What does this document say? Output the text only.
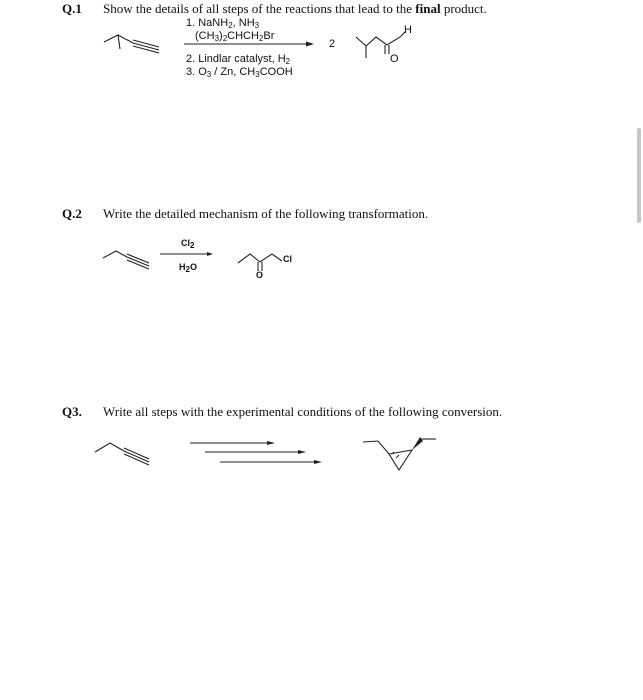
Q.1 Show the details of all steps of the reactions that lead to the final product.
1. NaNH$_2$, $NH_3$
$(CH_3)_2CHCH_2Br$
2. Lindlar catalyst, $H_2$
3. $O_3$ / Zn, $CH_3COOH$
2
H
O
Q.2 Write the detailed mechanism of the following transformation.
$Cl_2$
$H_2O$
Cl
O
Q3. Write all steps with the experimental conditions of the following conversion.
